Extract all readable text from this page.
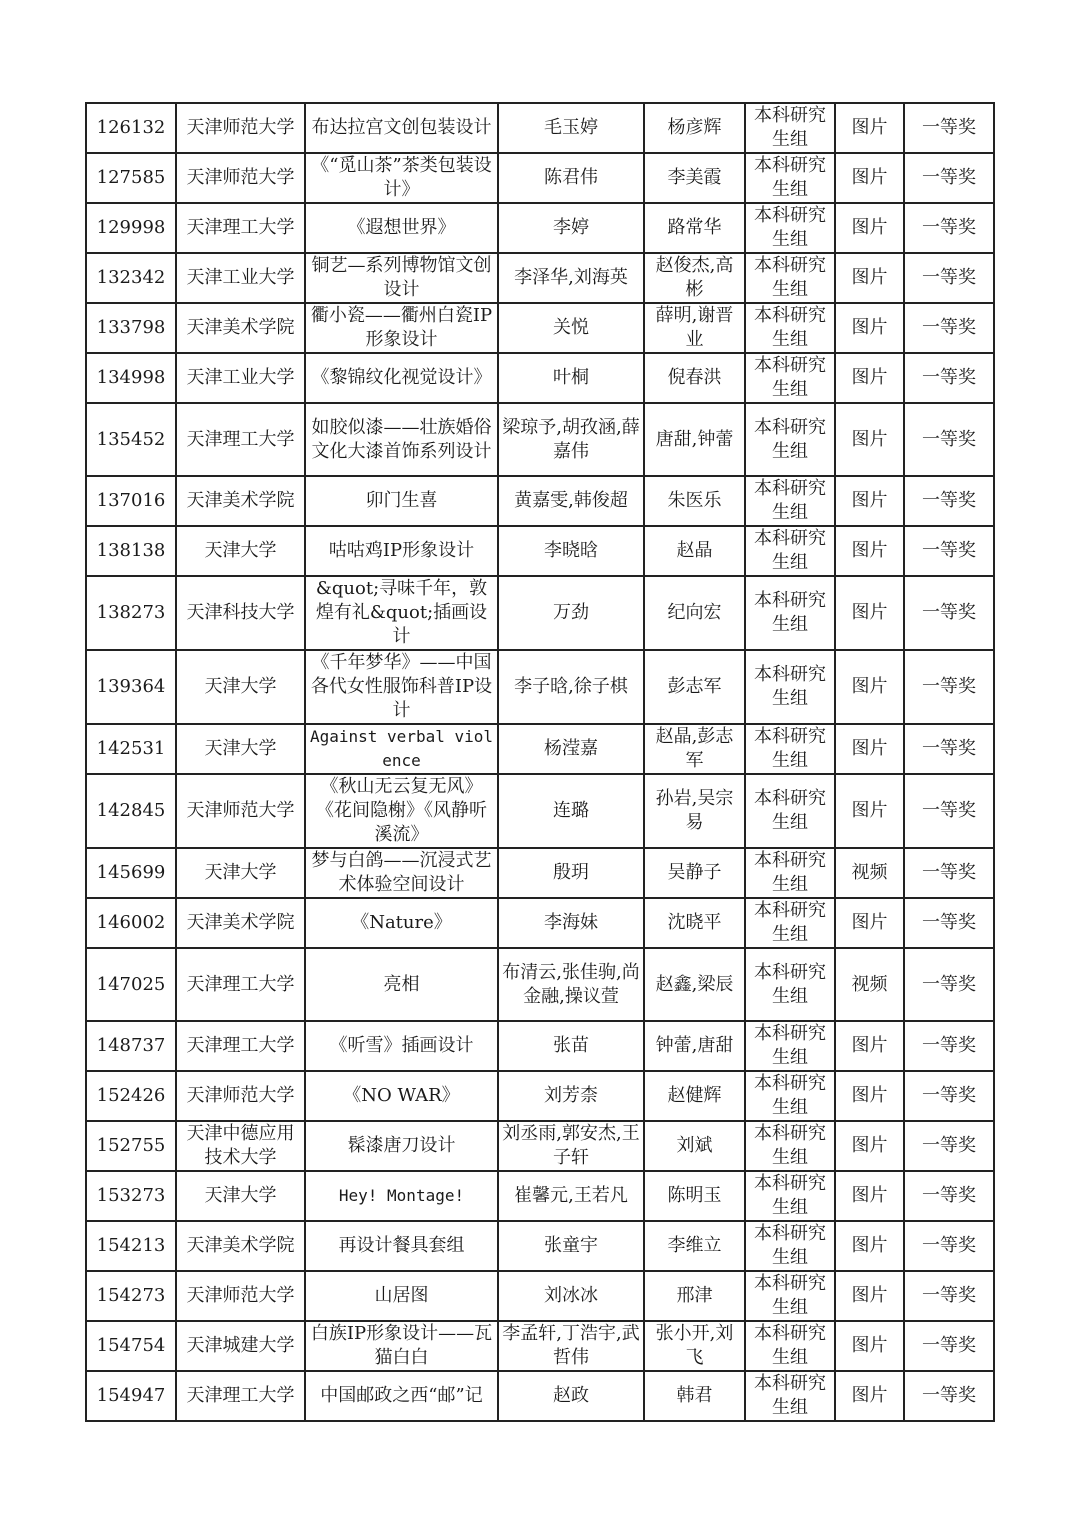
126132	天津师范大学	布达拉宫文创包装设计	毛玉婷	杨彦辉	本科研究生组	图片	一等奖
127585	天津师范大学	《“觅山茶”茶类包装设计》	陈君伟	李美霞	本科研究生组	图片	一等奖
129998	天津理工大学	《遐想世界》	李婷	路常华	本科研究生组	图片	一等奖
132342	天津工业大学	铜艺—系列博物馆文创设计	李泽华,刘海英	赵俊杰,高彬	本科研究生组	图片	一等奖
133798	天津美术学院	衢小瓷——衢州白瓷IP形象设计	关悦	薛明,谢晋业	本科研究生组	图片	一等奖
134998	天津工业大学	《黎锦纹化视觉设计》	叶桐	倪春洪	本科研究生组	图片	一等奖
135452	天津理工大学	如胶似漆——壮族婚俗文化大漆首饰系列设计	梁琼予,胡孜涵,薛嘉伟	唐甜,钟蕾	本科研究生组	图片	一等奖
137016	天津美术学院	卯门生喜	黄嘉雯,韩俊超	朱医乐	本科研究生组	图片	一等奖
138138	天津大学	咕咕鸡IP形象设计	李晓晗	赵晶	本科研究生组	图片	一等奖
138273	天津科技大学	&quot;寻味千年，敦煌有礼&quot;插画设计	万劲	纪向宏	本科研究生组	图片	一等奖
139364	天津大学	《千年梦华》——中国各代女性服饰科普IP设计	李子晗,徐子棋	彭志军	本科研究生组	图片	一等奖
142531	天津大学	Against verbal violence	杨滢嘉	赵晶,彭志军	本科研究生组	图片	一等奖
142845	天津师范大学	《秋山无云复无风》《花间隐榭》《风静听溪流》	连璐	孙岩,吴宗易	本科研究生组	图片	一等奖
145699	天津大学	梦与白鸽——沉浸式艺术体验空间设计	殷玥	吴静子	本科研究生组	视频	一等奖
146002	天津美术学院	《Nature》	李海妹	沈晓平	本科研究生组	图片	一等奖
147025	天津理工大学	亮相	布清云,张佳驹,尚金融,操议萱	赵鑫,梁辰	本科研究生组	视频	一等奖
148737	天津理工大学	《听雪》插画设计	张苗	钟蕾,唐甜	本科研究生组	图片	一等奖
152426	天津师范大学	《NO WAR》	刘芳柰	赵健辉	本科研究生组	图片	一等奖
152755	天津中德应用技术大学	髹漆唐刀设计	刘丞雨,郭安杰,王子轩	刘斌	本科研究生组	图片	一等奖
153273	天津大学	Hey! Montage!	崔馨元,王若凡	陈明玉	本科研究生组	图片	一等奖
154213	天津美术学院	再设计餐具套组	张童宇	李维立	本科研究生组	图片	一等奖
154273	天津师范大学	山居图	刘冰冰	邢津	本科研究生组	图片	一等奖
154754	天津城建大学	白族IP形象设计——瓦猫白白	李孟轩,丁浩宇,武哲伟	张小开,刘飞	本科研究生组	图片	一等奖
154947	天津理工大学	中国邮政之西“邮”记	赵政	韩君	本科研究生组	图片	一等奖
